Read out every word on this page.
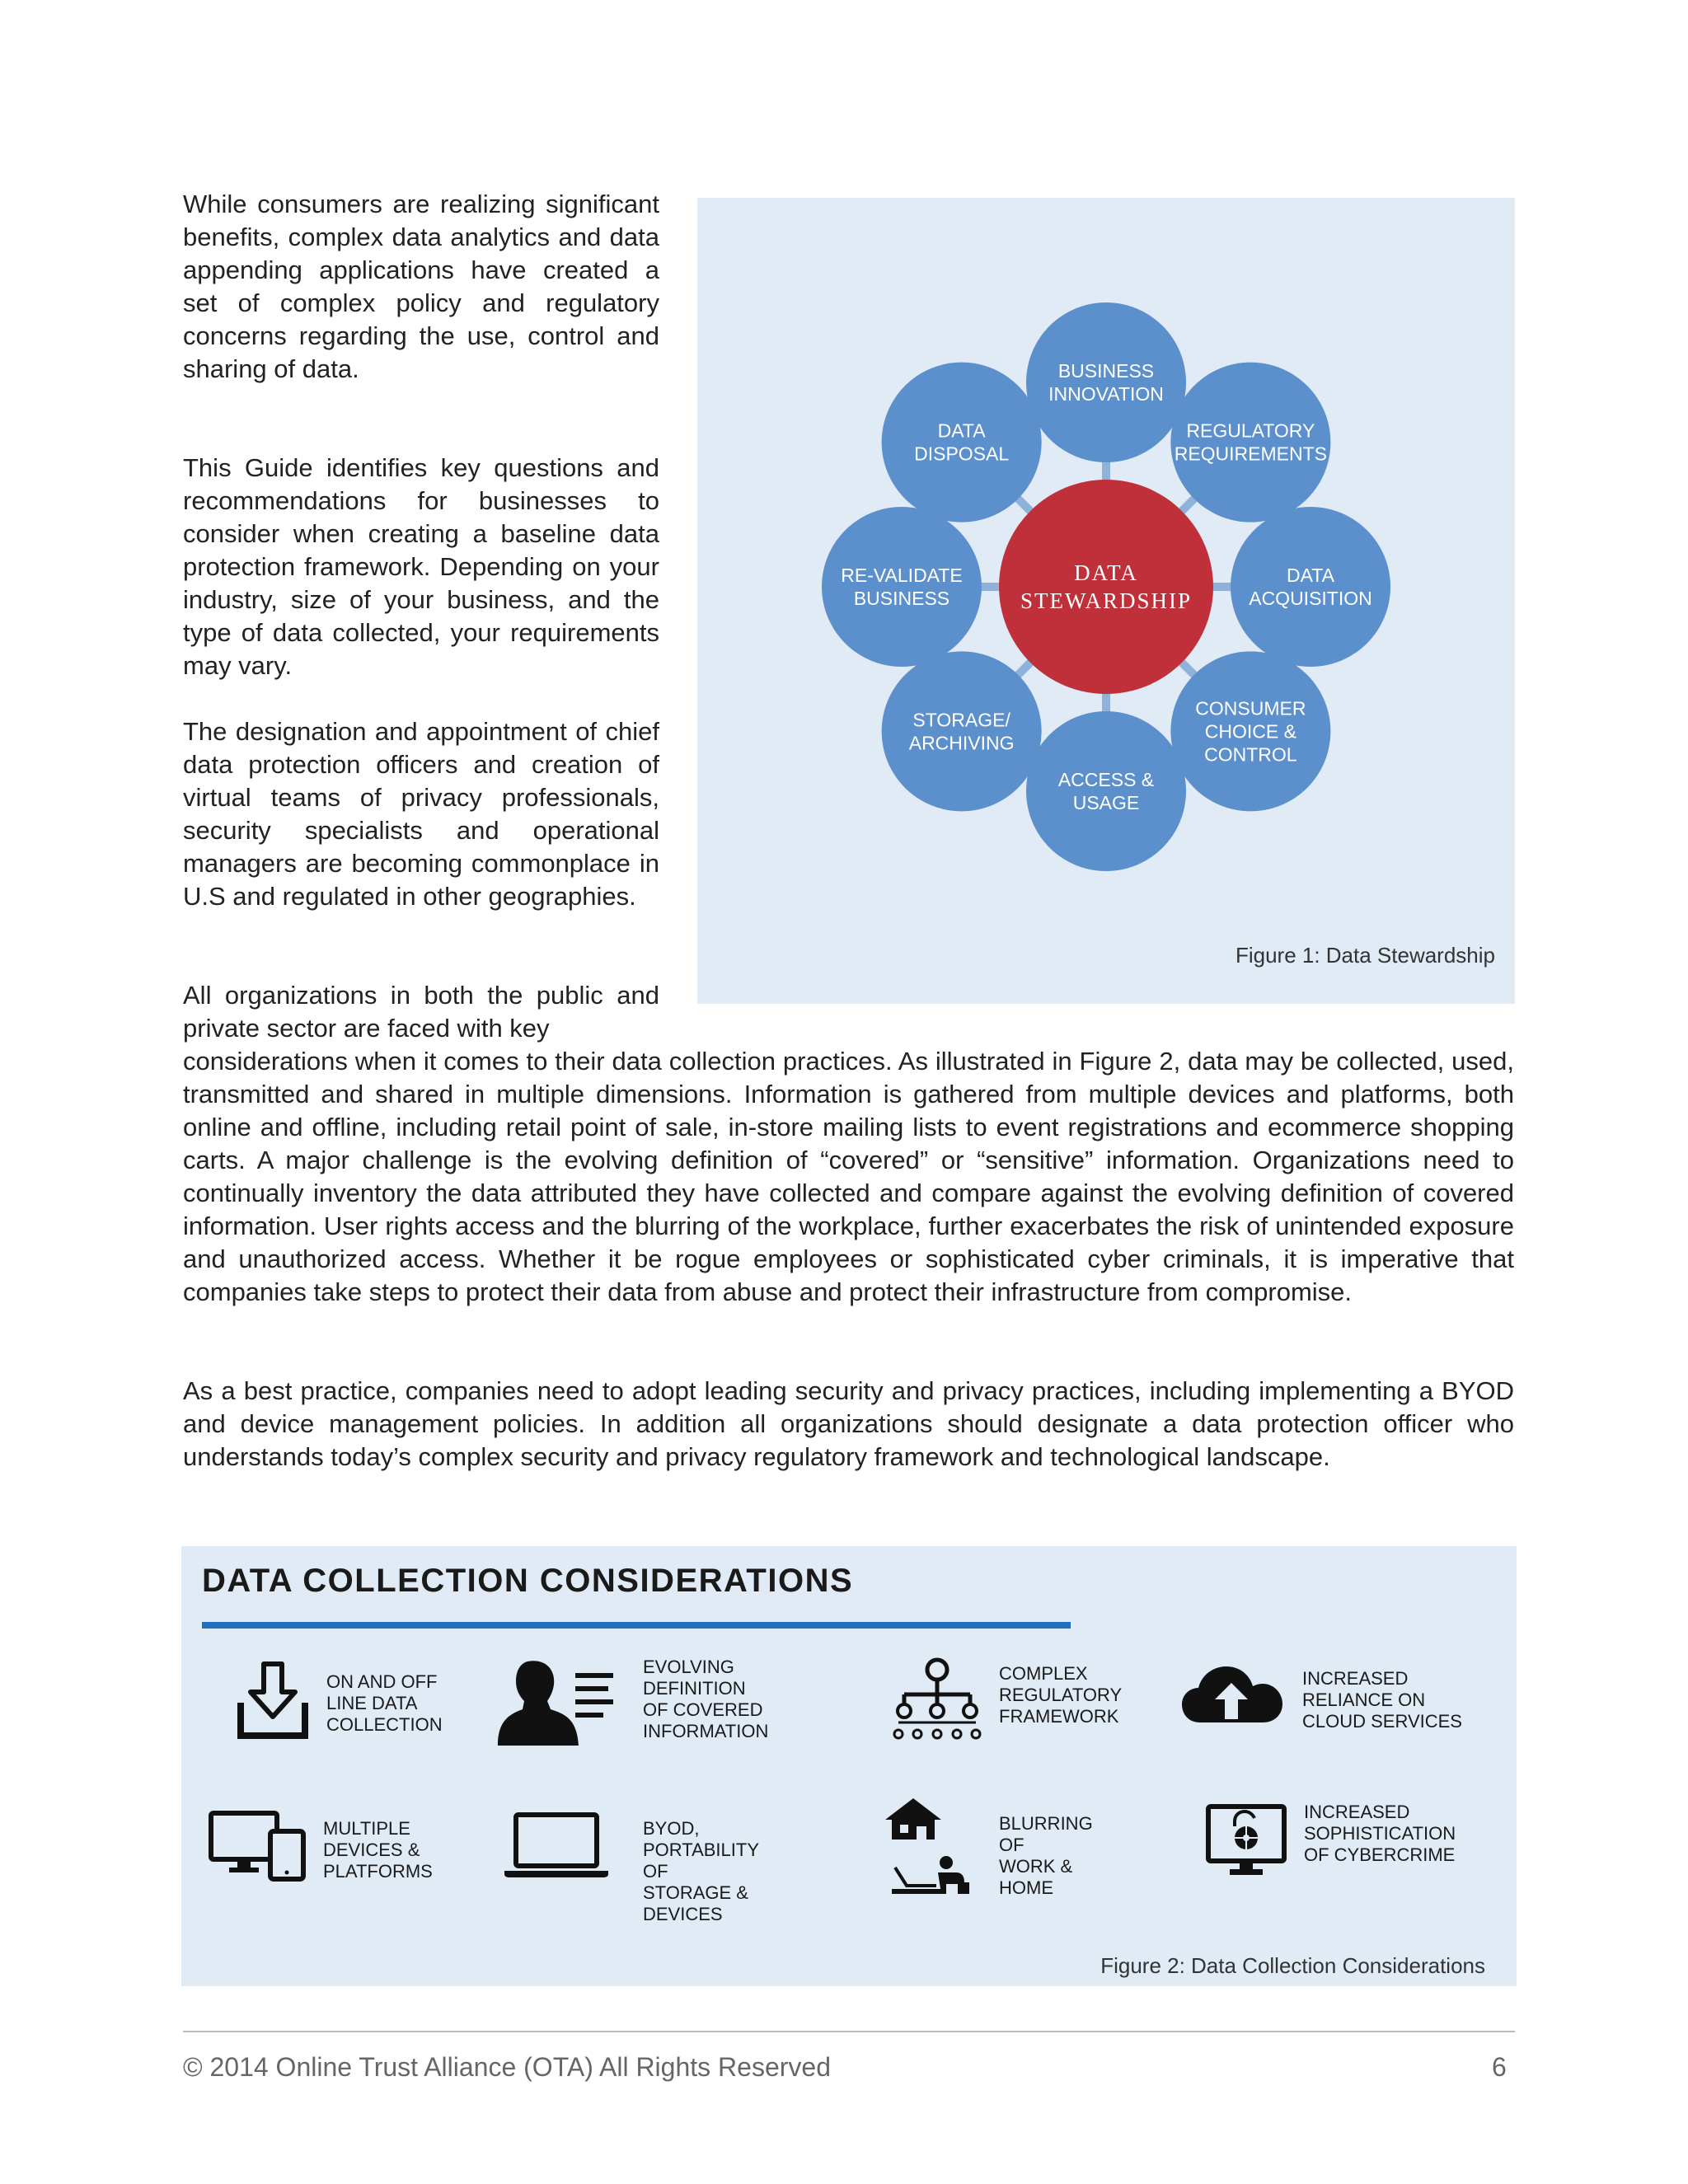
While consumers are realizing significant benefits, complex data analytics and data appending applications have created a set of complex policy and regulatory concerns regarding the use, control and sharing of data.

This Guide identifies key questions and recommendations for businesses to consider when creating a baseline data protection framework. Depending on your industry, size of your business, and the type of data collected, your requirements may vary.

The designation and appointment of chief data protection officers and creation of virtual teams of privacy professionals, security specialists and operational managers are becoming commonplace in U.S and regulated in other geographies.

All organizations in both the public and private sector are faced with key

considerations when it comes to their data collection practices. As illustrated in Figure 2, data may be collected, used, transmitted and shared in multiple dimensions. Information is gathered from multiple devices and platforms, both online and offline, including retail point of sale, in-store mailing lists to event registrations and ecommerce shopping carts. A major challenge is the evolving definition of “covered” or “sensitive” information. Organizations need to continually inventory the data attributed they have collected and compare against the evolving definition of covered information. User rights access and the blurring of the workplace, further exacerbates the risk of unintended exposure and unauthorized access. Whether it be rogue employees or sophisticated cyber criminals, it is imperative that companies take steps to protect their data from abuse and protect their infrastructure from compromise.

As a best practice, companies need to adopt leading security and privacy practices, including implementing a BYOD and device management policies. In addition all organizations should designate a data protection officer who understands today’s complex security and privacy regulatory framework and technological landscape.

BUSINESS
INNOVATION
REGULATORY
REQUIREMENTS
DATA
ACQUISITION
CONSUMER
CHOICE &
CONTROL
ACCESS &
USAGE
STORAGE/
ARCHIVING
RE-VALIDATE
BUSINESS
DATA
DISPOSAL
DATA
STEWARDSHIP
Figure 1: Data Stewardship
DATA COLLECTION CONSIDERATIONS
ON AND OFF
LINE DATA
COLLECTION
EVOLVING DEFINITION
OF COVERED
INFORMATION
COMPLEX
REGULATORY
FRAMEWORK
INCREASED
RELIANCE ON
CLOUD SERVICES
MULTIPLE
DEVICES &
PLATFORMS
BYOD, PORTABILITY
OF STORAGE &
DEVICES
BLURRING OF
WORK & HOME
INCREASED
SOPHISTICATION
OF CYBERCRIME
Figure 2: Data Collection Considerations
© 2014 Online Trust Alliance (OTA) All Rights Reserved	6
